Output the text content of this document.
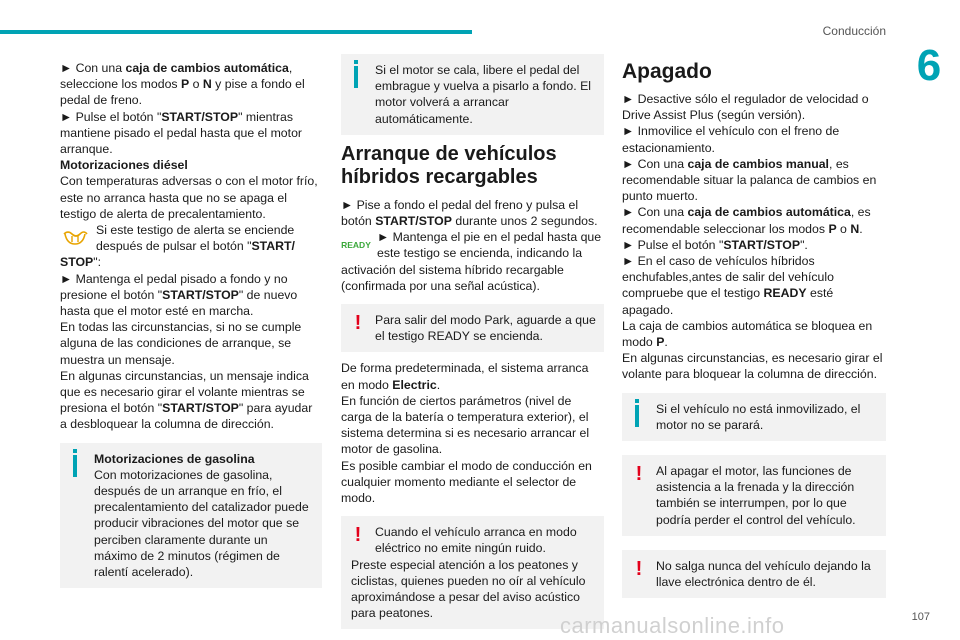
Conducción
6

► Con una caja de cambios automática, seleccione los modos P o N y pise a fondo el pedal de freno.

► Pulse el botón "START/STOP" mientras mantiene pisado el pedal hasta que el motor arranque.

Motorizaciones diésel

Con temperaturas adversas o con el motor frío, este no arranca hasta que no se apaga el testigo de alerta de precalentamiento.

Si este testigo de alerta se enciende después de pulsar el botón "START/ STOP":

► Mantenga el pedal pisado a fondo y no presione el botón "START/STOP" de nuevo hasta que el motor esté en marcha.

En todas las circunstancias, si no se cumple alguna de las condiciones de arranque, se muestra un mensaje.

En algunas circunstancias, un mensaje indica que es necesario girar el volante mientras se presiona el botón "START/STOP" para ayudar a desbloquear la columna de dirección.

Motorizaciones de gasolina
Con motorizaciones de gasolina, después de un arranque en frío, el precalentamiento del catalizador puede producir vibraciones del motor que se perciben claramente durante un máximo de 2 minutos (régimen de ralentí acelerado).
Si el motor se cala, libere el pedal del embrague y vuelva a pisarlo a fondo. El motor volverá a arrancar automáticamente.
Arranque de vehículos híbridos recargables

► Pise a fondo el pedal del freno y pulsa el botón START/STOP durante unos 2 segundos.

READY
► Mantenga el pie en el pedal hasta que este testigo se encienda, indicando la activación del sistema híbrido recargable (confirmada por una señal acústica).

!	Para salir del modo Park, aguarde a que el testigo READY se encienda.

De forma predeterminada, el sistema arranca en modo Electric.

En función de ciertos parámetros (nivel de carga de la batería o temperatura exterior), el sistema determina si es necesario arrancar el motor de gasolina.

Es posible cambiar el modo de conducción en cualquier momento mediante el selector de modo.

!	Cuando el vehículo arranca en modo eléctrico no emite ningún ruido.
Preste especial atención a los peatones y ciclistas, quienes pueden no oír al vehículo aproximándose a pesar del aviso acústico para peatones.
Apagado

► Desactive sólo el regulador de velocidad o Drive Assist Plus (según versión).

► Inmovilice el vehículo con el freno de estacionamiento.

► Con una caja de cambios manual, es recomendable situar la palanca de cambios en punto muerto.

► Con una caja de cambios automática, es recomendable seleccionar los modos P o N.

► Pulse el botón "START/STOP".

► En el caso de vehículos híbridos enchufables,antes de salir del vehículo compruebe que el testigo READY esté apagado.

La caja de cambios automática se bloquea en modo P.

En algunas circunstancias, es necesario girar el volante para bloquear la columna de dirección.

Si el vehículo no está inmovilizado, el motor no se parará.
!	Al apagar el motor, las funciones de asistencia a la frenada y la dirección también se interrumpen, por lo que podría perder el control del vehículo.
!	No salga nunca del vehículo dejando la llave electrónica dentro de él.
carmanualsonline.info	107
